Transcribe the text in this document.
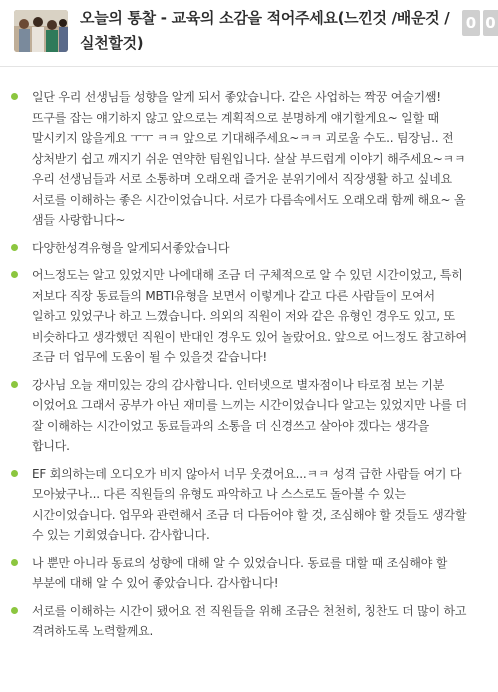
오늘의 통찰 - 교육의 소감을 적어주세요(느낀것 /배운것 /실천할것)
0 0
일단 우리 선생님들 성향을 알게 되서 좋았습니다. 같은 사업하는 짝꿍 여술기쌤! 뜨구를 잡는 얘기하지 않고 앞으로는 계획적으로 분명하게 얘기할게요~ 일할 때 말시키지 않을게요 ㅜㅜ ㅋㅋ 앞으로 기대해주세요~ㅋㅋ 괴로울 수도.. 팀장님.. 전 상처받기 쉽고 깨지기 쉬운 연약한 팀원입니다. 살살 부드럽게 이야기 해주세요~ㅋㅋ 우리 선생님들과 서로 소통하며 오래오래 즐거운 분위기에서 직장생활 하고 싶네요 서로를 이해하는 좋은 시간이었습니다. 서로가 다름속에서도 오래오래 함께 해요~ 올 샘들 사랑합니다~
다양한성격유형을 알게되서좋았습니다
어느정도는 알고 있었지만 나에대해 조금 더 구체적으로 알 수 있던 시간이었고, 특히 저보다 직장 동료들의 MBTI유형을 보면서 이렇게나 같고 다른 사람들이 모여서 일하고 있었구나 하고 느꼈습니다. 의외의 직원이 저와 같은 유형인 경우도 있고, 또 비슷하다고 생각했던 직원이 반대인 경우도 있어 놀랐어요. 앞으로 어느정도 참고하여 조금 더 업무에 도움이 될 수 있을것 같습니다!
강사님 오늘 재미있는 강의 감사합니다. 인터넷으로 별자점이나 타로점 보는 기분 이었어요 그래서 공부가 아닌 재미를 느끼는 시간이었습니다 알고는 있었지만 나를 더 잘 이해하는 시간이었고 동료들과의 소통을 더 신경쓰고 살아야 겠다는 생각을 합니다.
EF 회의하는데 오디오가 비지 않아서 너무 웃겼어요...ㅋㅋ 성격 급한 사람들 여기 다 모아놨구나... 다른 직원들의 유형도 파악하고 나 스스로도 돌아볼 수 있는 시간이었습니다. 업무와 관련해서 조금 더 다듬어야 할 것, 조심해야 할 것들도 생각할 수 있는 기회였습니다. 감사합니다.
나 뿐만 아니라 동료의 성향에 대해 알 수 있었습니다. 동료를 대할 때 조심해야 할 부분에 대해 알 수 있어 좋았습니다. 감사합니다!
서로를 이해하는 시간이 됐어요 전 직원들을 위해 조금은 천천히, 칭찬도 더 많이 하고 격려하도록 노력할께요.
